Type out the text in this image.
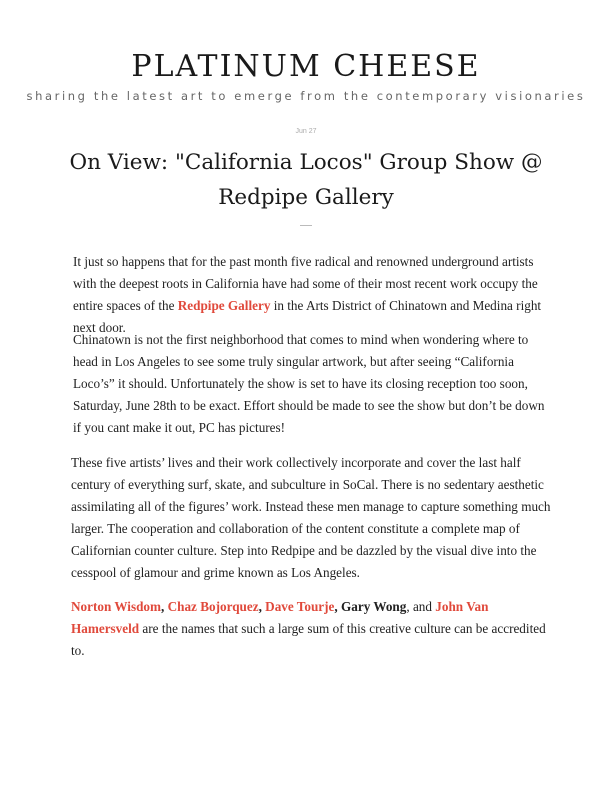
PLATINUM CHEESE
sharing the latest art to emerge from the contemporary visionaries
Jun 27
On View: "California Locos" Group Show @ Redpipe Gallery

It just so happens that for the past month five radical and renowned underground artists with the deepest roots in California have had some of their most recent work occupy the entire spaces of the Redpipe Gallery in the Arts District of Chinatown and Medina right next door.

Chinatown is not the first neighborhood that comes to mind when wondering where to head in Los Angeles to see some truly singular artwork, but after seeing “California Loco’s” it should. Unfortunately the show is set to have its closing reception too soon, Saturday, June 28th to be exact. Effort should be made to see the show but don’t be down if you cant make it out, PC has pictures!

These five artists’ lives and their work collectively incorporate and cover the last half century of everything surf, skate, and subculture in SoCal. There is no sedentary aesthetic assimilating all of the figures’ work. Instead these men manage to capture something much larger. The cooperation and collaboration of the content constitute a complete map of Californian counter culture. Step into Redpipe and be dazzled by the visual dive into the cesspool of glamour and grime known as Los Angeles.

Norton Wisdom, Chaz Bojorquez, Dave Tourje, Gary Wong, and John Van Hamersveld are the names that such a large sum of this creative culture can be accredited to.
